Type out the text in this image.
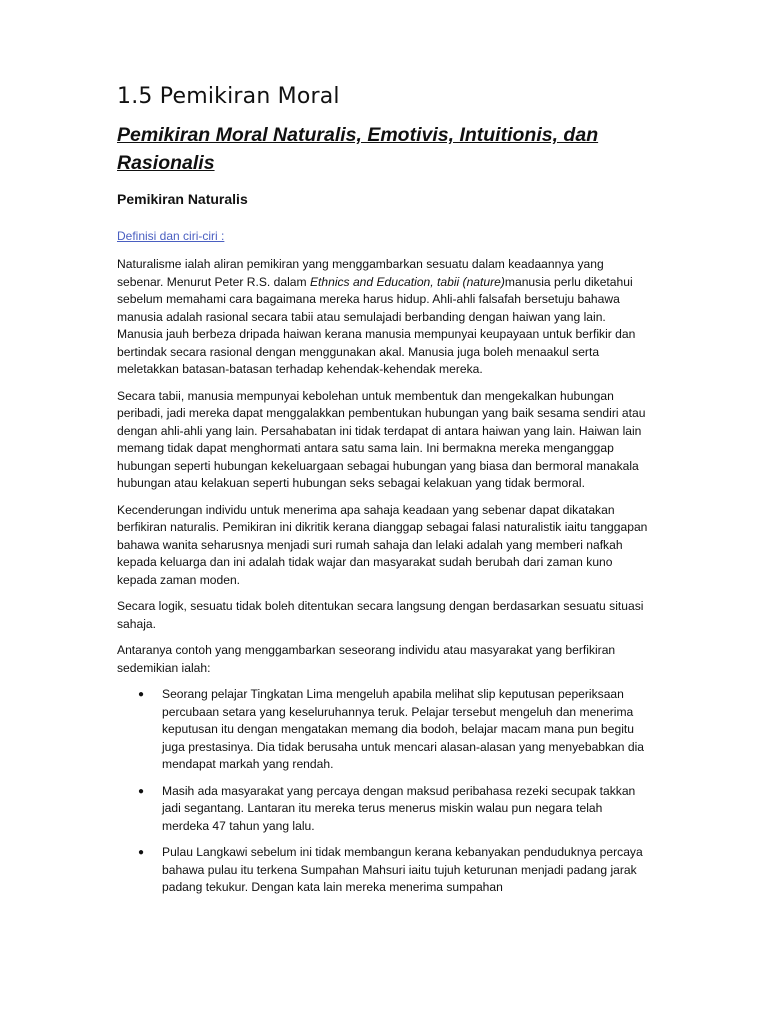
1.5 Pemikiran Moral
Pemikiran Moral Naturalis, Emotivis, Intuitionis, dan Rasionalis
Pemikiran Naturalis
Definisi dan ciri-ciri :

Naturalisme ialah aliran pemikiran yang menggambarkan sesuatu dalam keadaannya yang sebenar. Menurut Peter R.S. dalam Ethnics and Education, tabii (nature)manusia perlu diketahui sebelum memahami cara bagaimana mereka harus hidup. Ahli-ahli falsafah bersetuju bahawa manusia adalah rasional secara tabii atau semulajadi berbanding dengan haiwan yang lain. Manusia jauh berbeza dripada haiwan kerana manusia mempunyai keupayaan untuk berfikir dan bertindak secara rasional dengan menggunakan akal. Manusia juga boleh menaakul serta meletakkan batasan-batasan terhadap kehendak-kehendak mereka.

Secara tabii, manusia mempunyai kebolehan untuk membentuk dan mengekalkan hubungan peribadi, jadi mereka dapat menggalakkan pembentukan hubungan yang baik sesama sendiri atau dengan ahli-ahli yang lain. Persahabatan ini tidak terdapat di antara haiwan yang lain. Haiwan lain memang tidak dapat menghormati antara satu sama lain. Ini bermakna mereka menganggap hubungan seperti hubungan kekeluargaan sebagai hubungan yang biasa dan bermoral manakala hubungan atau kelakuan seperti hubungan seks sebagai kelakuan yang tidak bermoral.

Kecenderungan individu untuk menerima apa sahaja keadaan yang sebenar dapat dikatakan berfikiran naturalis. Pemikiran ini dikritik kerana dianggap sebagai falasi naturalistik iaitu tanggapan bahawa wanita seharusnya menjadi suri rumah sahaja dan lelaki adalah yang memberi nafkah kepada keluarga dan ini adalah tidak wajar dan masyarakat sudah berubah dari zaman kuno kepada zaman moden.

Secara logik, sesuatu tidak boleh ditentukan secara langsung dengan berdasarkan sesuatu situasi sahaja.

Antaranya contoh yang menggambarkan seseorang individu atau masyarakat yang berfikiran sedemikian ialah:

● Seorang pelajar Tingkatan Lima mengeluh apabila melihat slip keputusan peperiksaan percubaan setara yang keseluruhannya teruk. Pelajar tersebut mengeluh dan menerima keputusan itu dengan mengatakan memang dia bodoh, belajar macam mana pun begitu juga prestasinya. Dia tidak berusaha untuk mencari alasan-alasan yang menyebabkan dia mendapat markah yang rendah.
● Masih ada masyarakat yang percaya dengan maksud peribahasa rezeki secupak takkan jadi segantang. Lantaran itu mereka terus menerus miskin walau pun negara telah merdeka 47 tahun yang lalu.
● Pulau Langkawi sebelum ini tidak membangun kerana kebanyakan penduduknya percaya bahawa pulau itu terkena Sumpahan Mahsuri iaitu tujuh keturunan menjadi padang jarak padang tekukur. Dengan kata lain mereka menerima sumpahan
